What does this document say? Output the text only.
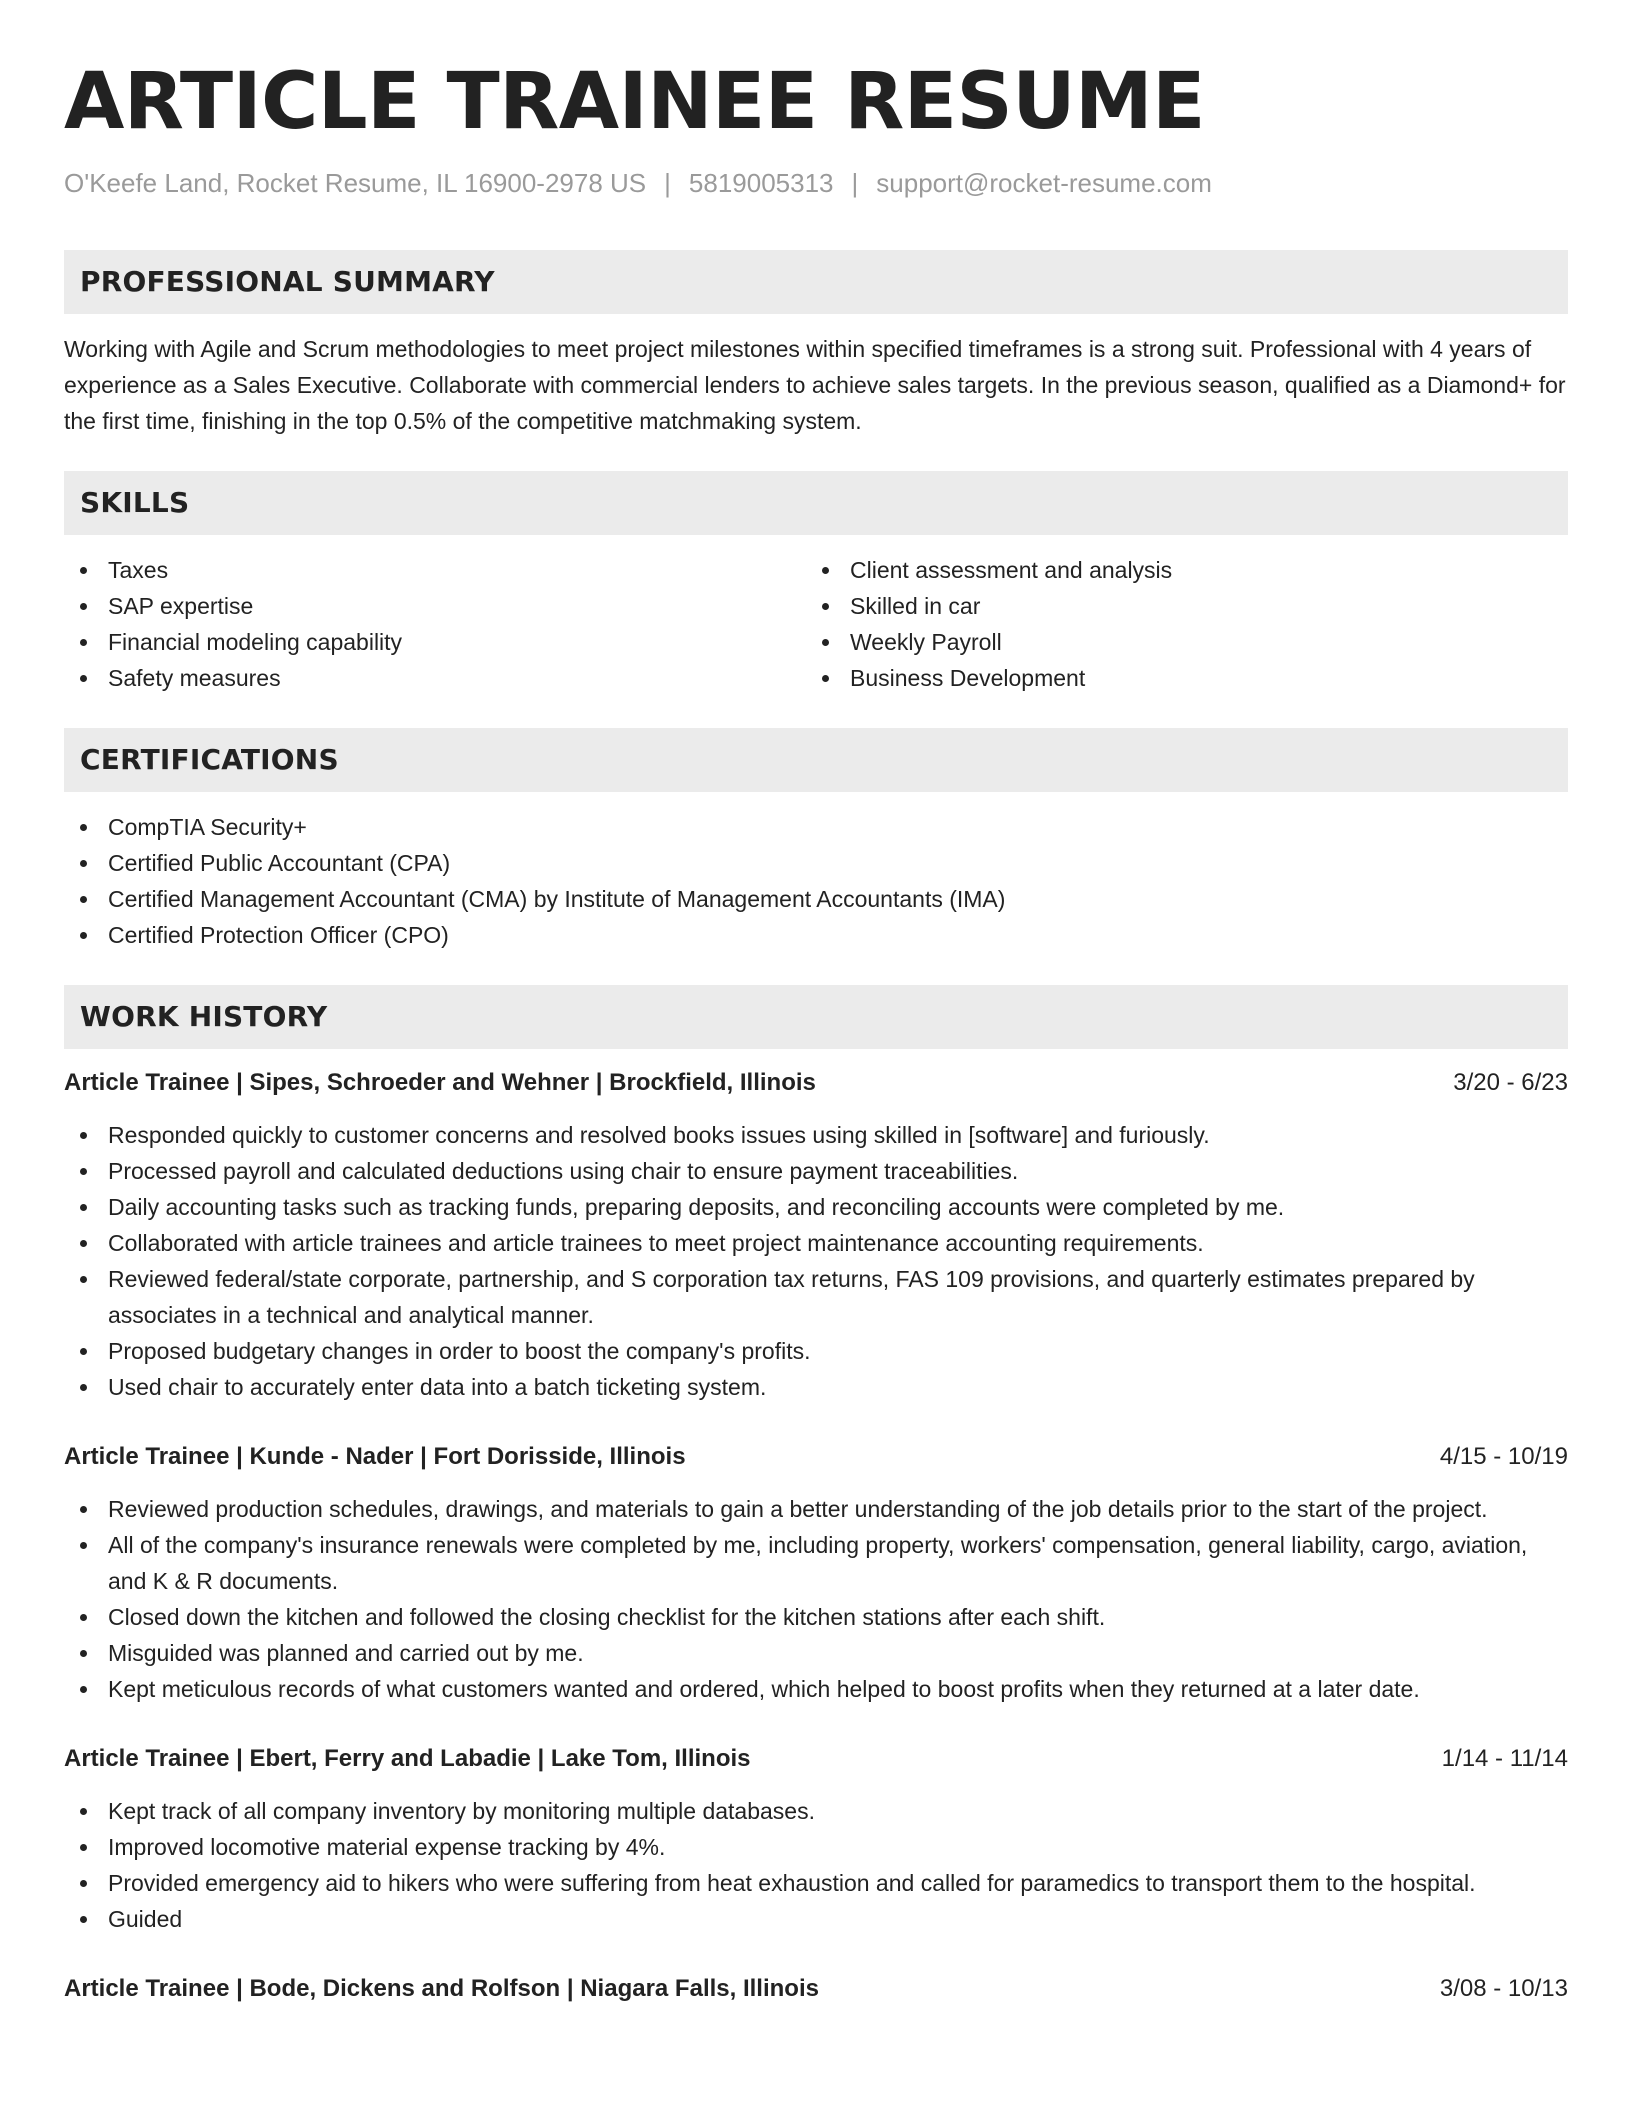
ARTICLE TRAINEE RESUME
O'Keefe Land, Rocket Resume, IL 16900-2978 US | 5819005313 | support@rocket-resume.com
PROFESSIONAL SUMMARY
Working with Agile and Scrum methodologies to meet project milestones within specified timeframes is a strong suit. Professional with 4 years of experience as a Sales Executive. Collaborate with commercial lenders to achieve sales targets. In the previous season, qualified as a Diamond+ for the first time, finishing in the top 0.5% of the competitive matchmaking system.
SKILLS
Taxes
SAP expertise
Financial modeling capability
Safety measures
Client assessment and analysis
Skilled in car
Weekly Payroll
Business Development
CERTIFICATIONS
CompTIA Security+
Certified Public Accountant (CPA)
Certified Management Accountant (CMA) by Institute of Management Accountants (IMA)
Certified Protection Officer (CPO)
WORK HISTORY
Article Trainee | Sipes, Schroeder and Wehner | Brockfield, Illinois	3/20 - 6/23
Responded quickly to customer concerns and resolved books issues using skilled in [software] and furiously.
Processed payroll and calculated deductions using chair to ensure payment traceabilities.
Daily accounting tasks such as tracking funds, preparing deposits, and reconciling accounts were completed by me.
Collaborated with article trainees and article trainees to meet project maintenance accounting requirements.
Reviewed federal/state corporate, partnership, and S corporation tax returns, FAS 109 provisions, and quarterly estimates prepared by associates in a technical and analytical manner.
Proposed budgetary changes in order to boost the company's profits.
Used chair to accurately enter data into a batch ticketing system.
Article Trainee | Kunde - Nader | Fort Dorisside, Illinois	4/15 - 10/19
Reviewed production schedules, drawings, and materials to gain a better understanding of the job details prior to the start of the project.
All of the company's insurance renewals were completed by me, including property, workers' compensation, general liability, cargo, aviation, and K & R documents.
Closed down the kitchen and followed the closing checklist for the kitchen stations after each shift.
Misguided was planned and carried out by me.
Kept meticulous records of what customers wanted and ordered, which helped to boost profits when they returned at a later date.
Article Trainee | Ebert, Ferry and Labadie | Lake Tom, Illinois	1/14 - 11/14
Kept track of all company inventory by monitoring multiple databases.
Improved locomotive material expense tracking by 4%.
Provided emergency aid to hikers who were suffering from heat exhaustion and called for paramedics to transport them to the hospital.
Guided
Article Trainee | Bode, Dickens and Rolfson | Niagara Falls, Illinois	3/08 - 10/13
